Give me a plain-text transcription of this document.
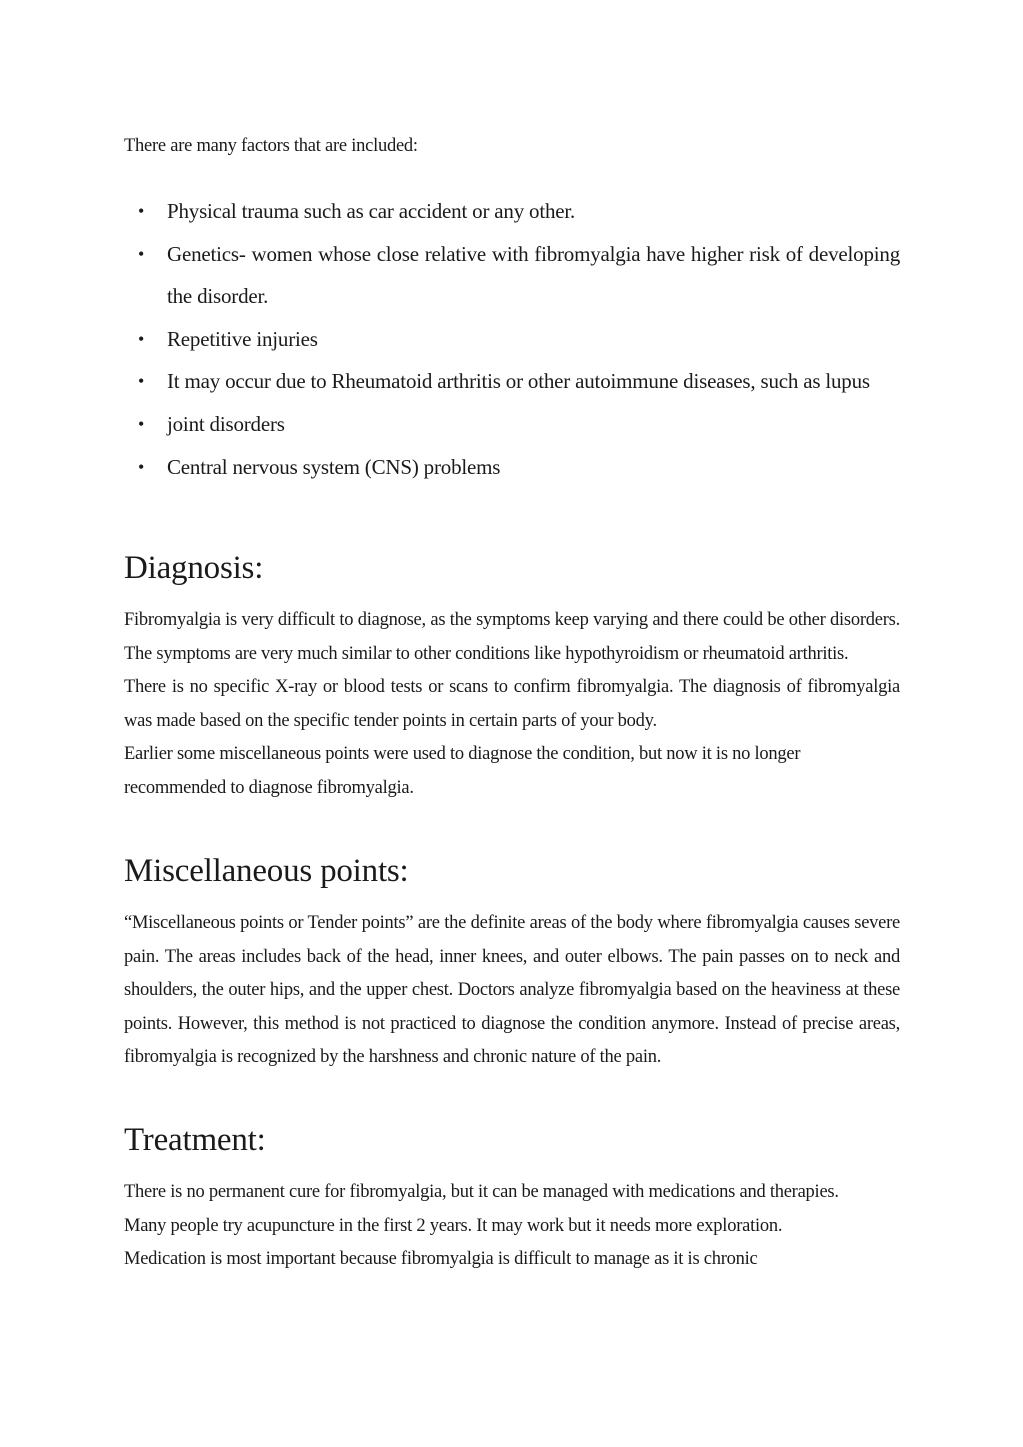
There are many factors that are included:

• Physical trauma such as car accident or any other.
• Genetics- women whose close relative with fibromyalgia have higher risk of developing the disorder.
• Repetitive injuries
• It may occur due to Rheumatoid arthritis or other autoimmune diseases, such as lupus
• joint disorders
• Central nervous system (CNS) problems
Diagnosis:

Fibromyalgia is very difficult to diagnose, as the symptoms keep varying and there could be other disorders. The symptoms are very much similar to other conditions like hypothyroidism or rheumatoid arthritis.

There is no specific X-ray or blood tests or scans to confirm fibromyalgia. The diagnosis of fibromyalgia was made based on the specific tender points in certain parts of your body.

Earlier some miscellaneous points were used to diagnose the condition, but now it is no longer recommended to diagnose fibromyalgia.

Miscellaneous points:

“Miscellaneous points or Tender points” are the definite areas of the body where fibromyalgia causes severe pain. The areas includes back of the head, inner knees, and outer elbows. The pain passes on to neck and shoulders, the outer hips, and the upper chest. Doctors analyze fibromyalgia based on the heaviness at these points. However, this method is not practiced to diagnose the condition anymore. Instead of precise areas, fibromyalgia is recognized by the harshness and chronic nature of the pain.

Treatment:

There is no permanent cure for fibromyalgia, but it can be managed with medications and therapies.

Many people try acupuncture in the first 2 years. It may work but it needs more exploration.

Medication is most important because fibromyalgia is difficult to manage as it is chronic
